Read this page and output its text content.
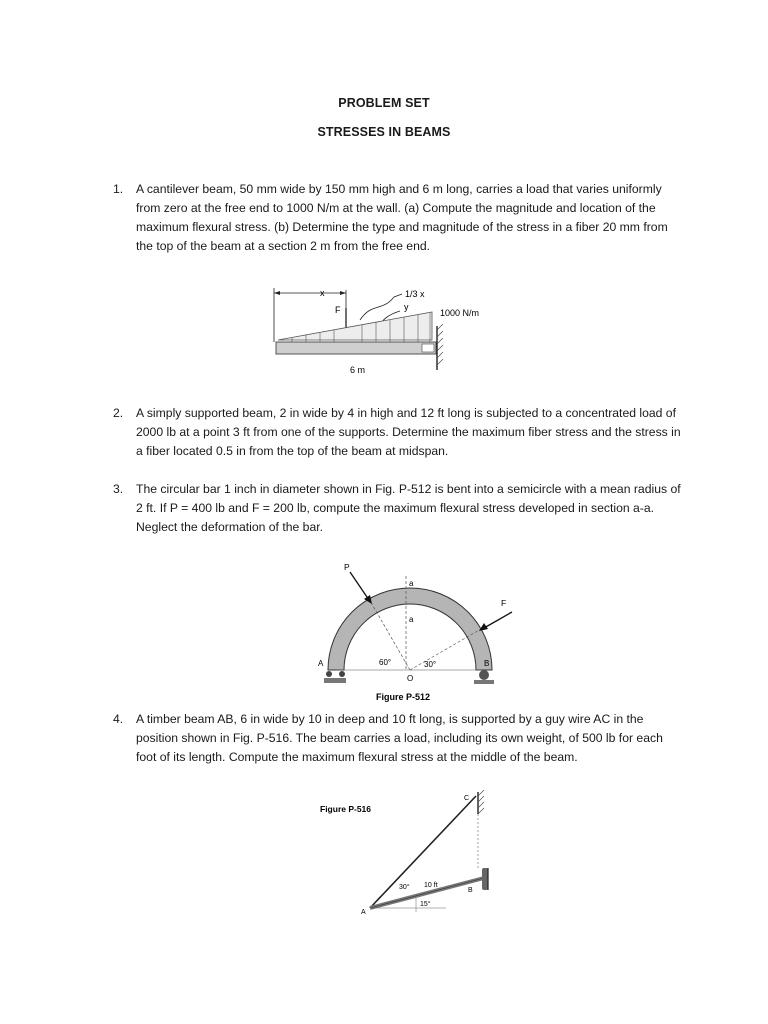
PROBLEM SET
STRESSES IN BEAMS
1. A cantilever beam, 50 mm wide by 150 mm high and 6 m long, carries a load that varies uniformly from zero at the free end to 1000 N/m at the wall. (a) Compute the magnitude and location of the maximum flexural stress. (b) Determine the type and magnitude of the stress in a fiber 20 mm from the top of the beam at a section 2 m from the free end.
x	1/3 x
y
F	1000 N/m
6 m
2. A simply supported beam, 2 in wide by 4 in high and 12 ft long is subjected to a concentrated load of 2000 lb at a point 3 ft from one of the supports. Determine the maximum fiber stress and the stress in a fiber located 0.5 in from the top of the beam at midspan.
3. The circular bar 1 inch in diameter shown in Fig. P-512 is bent into a semicircle with a mean radius of 2 ft. If P = 400 lb and F = 200 lb, compute the maximum flexural stress developed in section a-a. Neglect the deformation of the bar.
P
F
a
a
60°	30°
O
A	B
Figure P-512
4. A timber beam AB, 6 in wide by 10 in deep and 10 ft long, is supported by a guy wire AC in the position shown in Fig. P-516. The beam carries a load, including its own weight, of 500 lb for each foot of its length. Compute the maximum flexural stress at the middle of the beam.
Figure P-516
C
B
A
30° 10 ft
15°
